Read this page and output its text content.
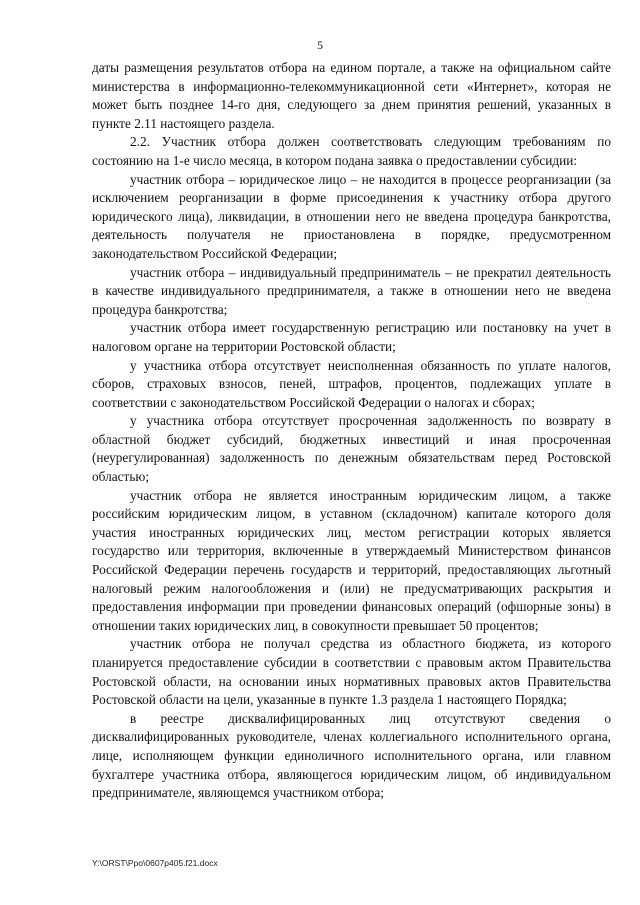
5

даты размещения результатов отбора на едином портале, а также на официальном сайте министерства в информационно-телекоммуникационной сети «Интернет», которая не может быть позднее 14-го дня, следующего за днем принятия решений, указанных в пункте 2.11 настоящего раздела.

2.2. Участник отбора должен соответствовать следующим требованиям по состоянию на 1-е число месяца, в котором подана заявка о предоставлении субсидии:

участник отбора – юридическое лицо – не находится в процессе реорганизации (за исключением реорганизации в форме присоединения к участнику отбора другого юридического лица), ликвидации, в отношении него не введена процедура банкротства, деятельность получателя не приостановлена в порядке, предусмотренном законодательством Российской Федерации;

участник отбора – индивидуальный предприниматель – не прекратил деятельность в качестве индивидуального предпринимателя, а также в отношении него не введена процедура банкротства;

участник отбора имеет государственную регистрацию или постановку на учет в налоговом органе на территории Ростовской области;

у участника отбора отсутствует неисполненная обязанность по уплате налогов, сборов, страховых взносов, пеней, штрафов, процентов, подлежащих уплате в соответствии с законодательством Российской Федерации о налогах и сборах;

у участника отбора отсутствует просроченная задолженность по возврату в областной бюджет субсидий, бюджетных инвестиций и иная просроченная (неурегулированная) задолженность по денежным обязательствам перед Ростовской областью;

участник отбора не является иностранным юридическим лицом, а также российским юридическим лицом, в уставном (складочном) капитале которого доля участия иностранных юридических лиц, местом регистрации которых является государство или территория, включенные в утверждаемый Министерством финансов Российской Федерации перечень государств и территорий, предоставляющих льготный налоговый режим налогообложения и (или) не предусматривающих раскрытия и предоставления информации при проведении финансовых операций (офшорные зоны) в отношении таких юридических лиц, в совокупности превышает 50 процентов;

участник отбора не получал средства из областного бюджета, из которого планируется предоставление субсидии в соответствии с правовым актом Правительства Ростовской области, на основании иных нормативных правовых актов Правительства Ростовской области на цели, указанные в пункте 1.3 раздела 1 настоящего Порядка;

в реестре дисквалифицированных лиц отсутствуют сведения о дисквалифицированных руководителе, членах коллегиального исполнительного органа, лице, исполняющем функции единоличного исполнительного органа, или главном бухгалтере участника отбора, являющегося юридическим лицом, об индивидуальном предпринимателе, являющемся участником отбора;

Y:\ORST\Ppo\0607p405.f21.docx
